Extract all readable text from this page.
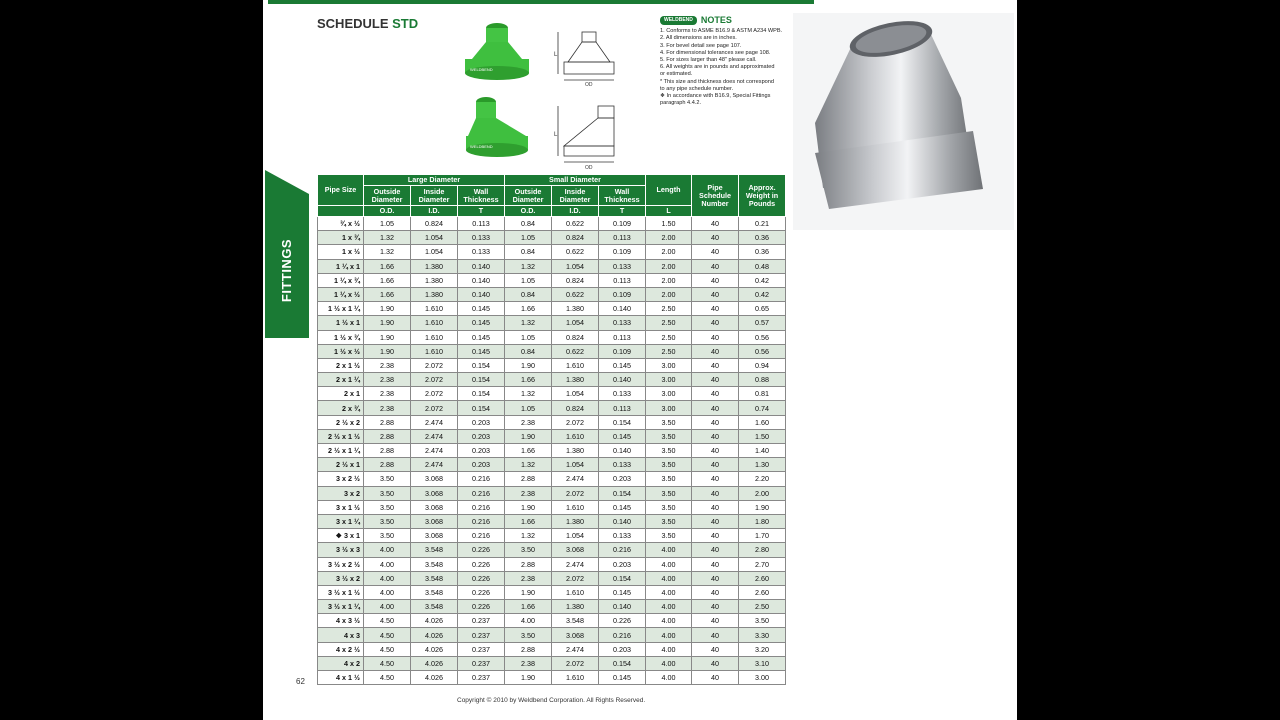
FITTINGS
SCHEDULE STD
WELDBEND
L
OD
WELDBEND
L
OD
WELDBEND NOTES
1. Conforms to ASME B16.9 & ASTM A234 WPB.
2. All dimensions are in inches.
3. For bevel detail see page 107.
4. For dimensional tolerances see page 108.
5. For sizes larger than 48" please call.
6. All weights are in pounds and approximated
or estimated.
* This size and thickness does not correspond
to any pipe schedule number.
❖ In accordance with B16.9, Special Fittings
paragraph 4.4.2.
Pipe Size	Large Diameter			Small Diameter			Length	Pipe Schedule Number	Approx. Weight in Pounds
	Outside Diameter	Inside Diameter	Wall Thickness	Outside Diameter	Inside Diameter	Wall Thickness			
	O.D.	I.D.	T	O.D.	I.D.	T	L		
¾ x ½	1.05	0.824	0.113	0.84	0.622	0.109	1.50	40	0.21
1 x ¾	1.32	1.054	0.133	1.05	0.824	0.113	2.00	40	0.36
1 x ½	1.32	1.054	0.133	0.84	0.622	0.109	2.00	40	0.36
1 ¼ x 1	1.66	1.380	0.140	1.32	1.054	0.133	2.00	40	0.48
1 ¼ x ¾	1.66	1.380	0.140	1.05	0.824	0.113	2.00	40	0.42
1 ¼ x ½	1.66	1.380	0.140	0.84	0.622	0.109	2.00	40	0.42
1 ½ x 1 ¼	1.90	1.610	0.145	1.66	1.380	0.140	2.50	40	0.65
1 ½ x 1	1.90	1.610	0.145	1.32	1.054	0.133	2.50	40	0.57
1 ½ x ¾	1.90	1.610	0.145	1.05	0.824	0.113	2.50	40	0.56
1 ½ x ½	1.90	1.610	0.145	0.84	0.622	0.109	2.50	40	0.56
2 x 1 ½	2.38	2.072	0.154	1.90	1.610	0.145	3.00	40	0.94
2 x 1 ¼	2.38	2.072	0.154	1.66	1.380	0.140	3.00	40	0.88
2 x 1	2.38	2.072	0.154	1.32	1.054	0.133	3.00	40	0.81
2 x ¾	2.38	2.072	0.154	1.05	0.824	0.113	3.00	40	0.74
2 ½ x 2	2.88	2.474	0.203	2.38	2.072	0.154	3.50	40	1.60
2 ½ x 1 ½	2.88	2.474	0.203	1.90	1.610	0.145	3.50	40	1.50
2 ½ x 1 ¼	2.88	2.474	0.203	1.66	1.380	0.140	3.50	40	1.40
2 ½ x 1	2.88	2.474	0.203	1.32	1.054	0.133	3.50	40	1.30
3 x 2 ½	3.50	3.068	0.216	2.88	2.474	0.203	3.50	40	2.20
3 x 2	3.50	3.068	0.216	2.38	2.072	0.154	3.50	40	2.00
3 x 1 ½	3.50	3.068	0.216	1.90	1.610	0.145	3.50	40	1.90
3 x 1 ¼	3.50	3.068	0.216	1.66	1.380	0.140	3.50	40	1.80
❖ 3 x 1	3.50	3.068	0.216	1.32	1.054	0.133	3.50	40	1.70
3 ½ x 3	4.00	3.548	0.226	3.50	3.068	0.216	4.00	40	2.80
3 ½ x 2 ½	4.00	3.548	0.226	2.88	2.474	0.203	4.00	40	2.70
3 ½ x 2	4.00	3.548	0.226	2.38	2.072	0.154	4.00	40	2.60
3 ½ x 1 ½	4.00	3.548	0.226	1.90	1.610	0.145	4.00	40	2.60
3 ½ x 1 ¼	4.00	3.548	0.226	1.66	1.380	0.140	4.00	40	2.50
4 x 3 ½	4.50	4.026	0.237	4.00	3.548	0.226	4.00	40	3.50
4 x 3	4.50	4.026	0.237	3.50	3.068	0.216	4.00	40	3.30
4 x 2 ½	4.50	4.026	0.237	2.88	2.474	0.203	4.00	40	3.20
4 x 2	4.50	4.026	0.237	2.38	2.072	0.154	4.00	40	3.10
4 x 1 ½	4.50	4.026	0.237	1.90	1.610	0.145	4.00	40	3.00
62
Copyright © 2010 by Weldbend Corporation. All Rights Reserved.
